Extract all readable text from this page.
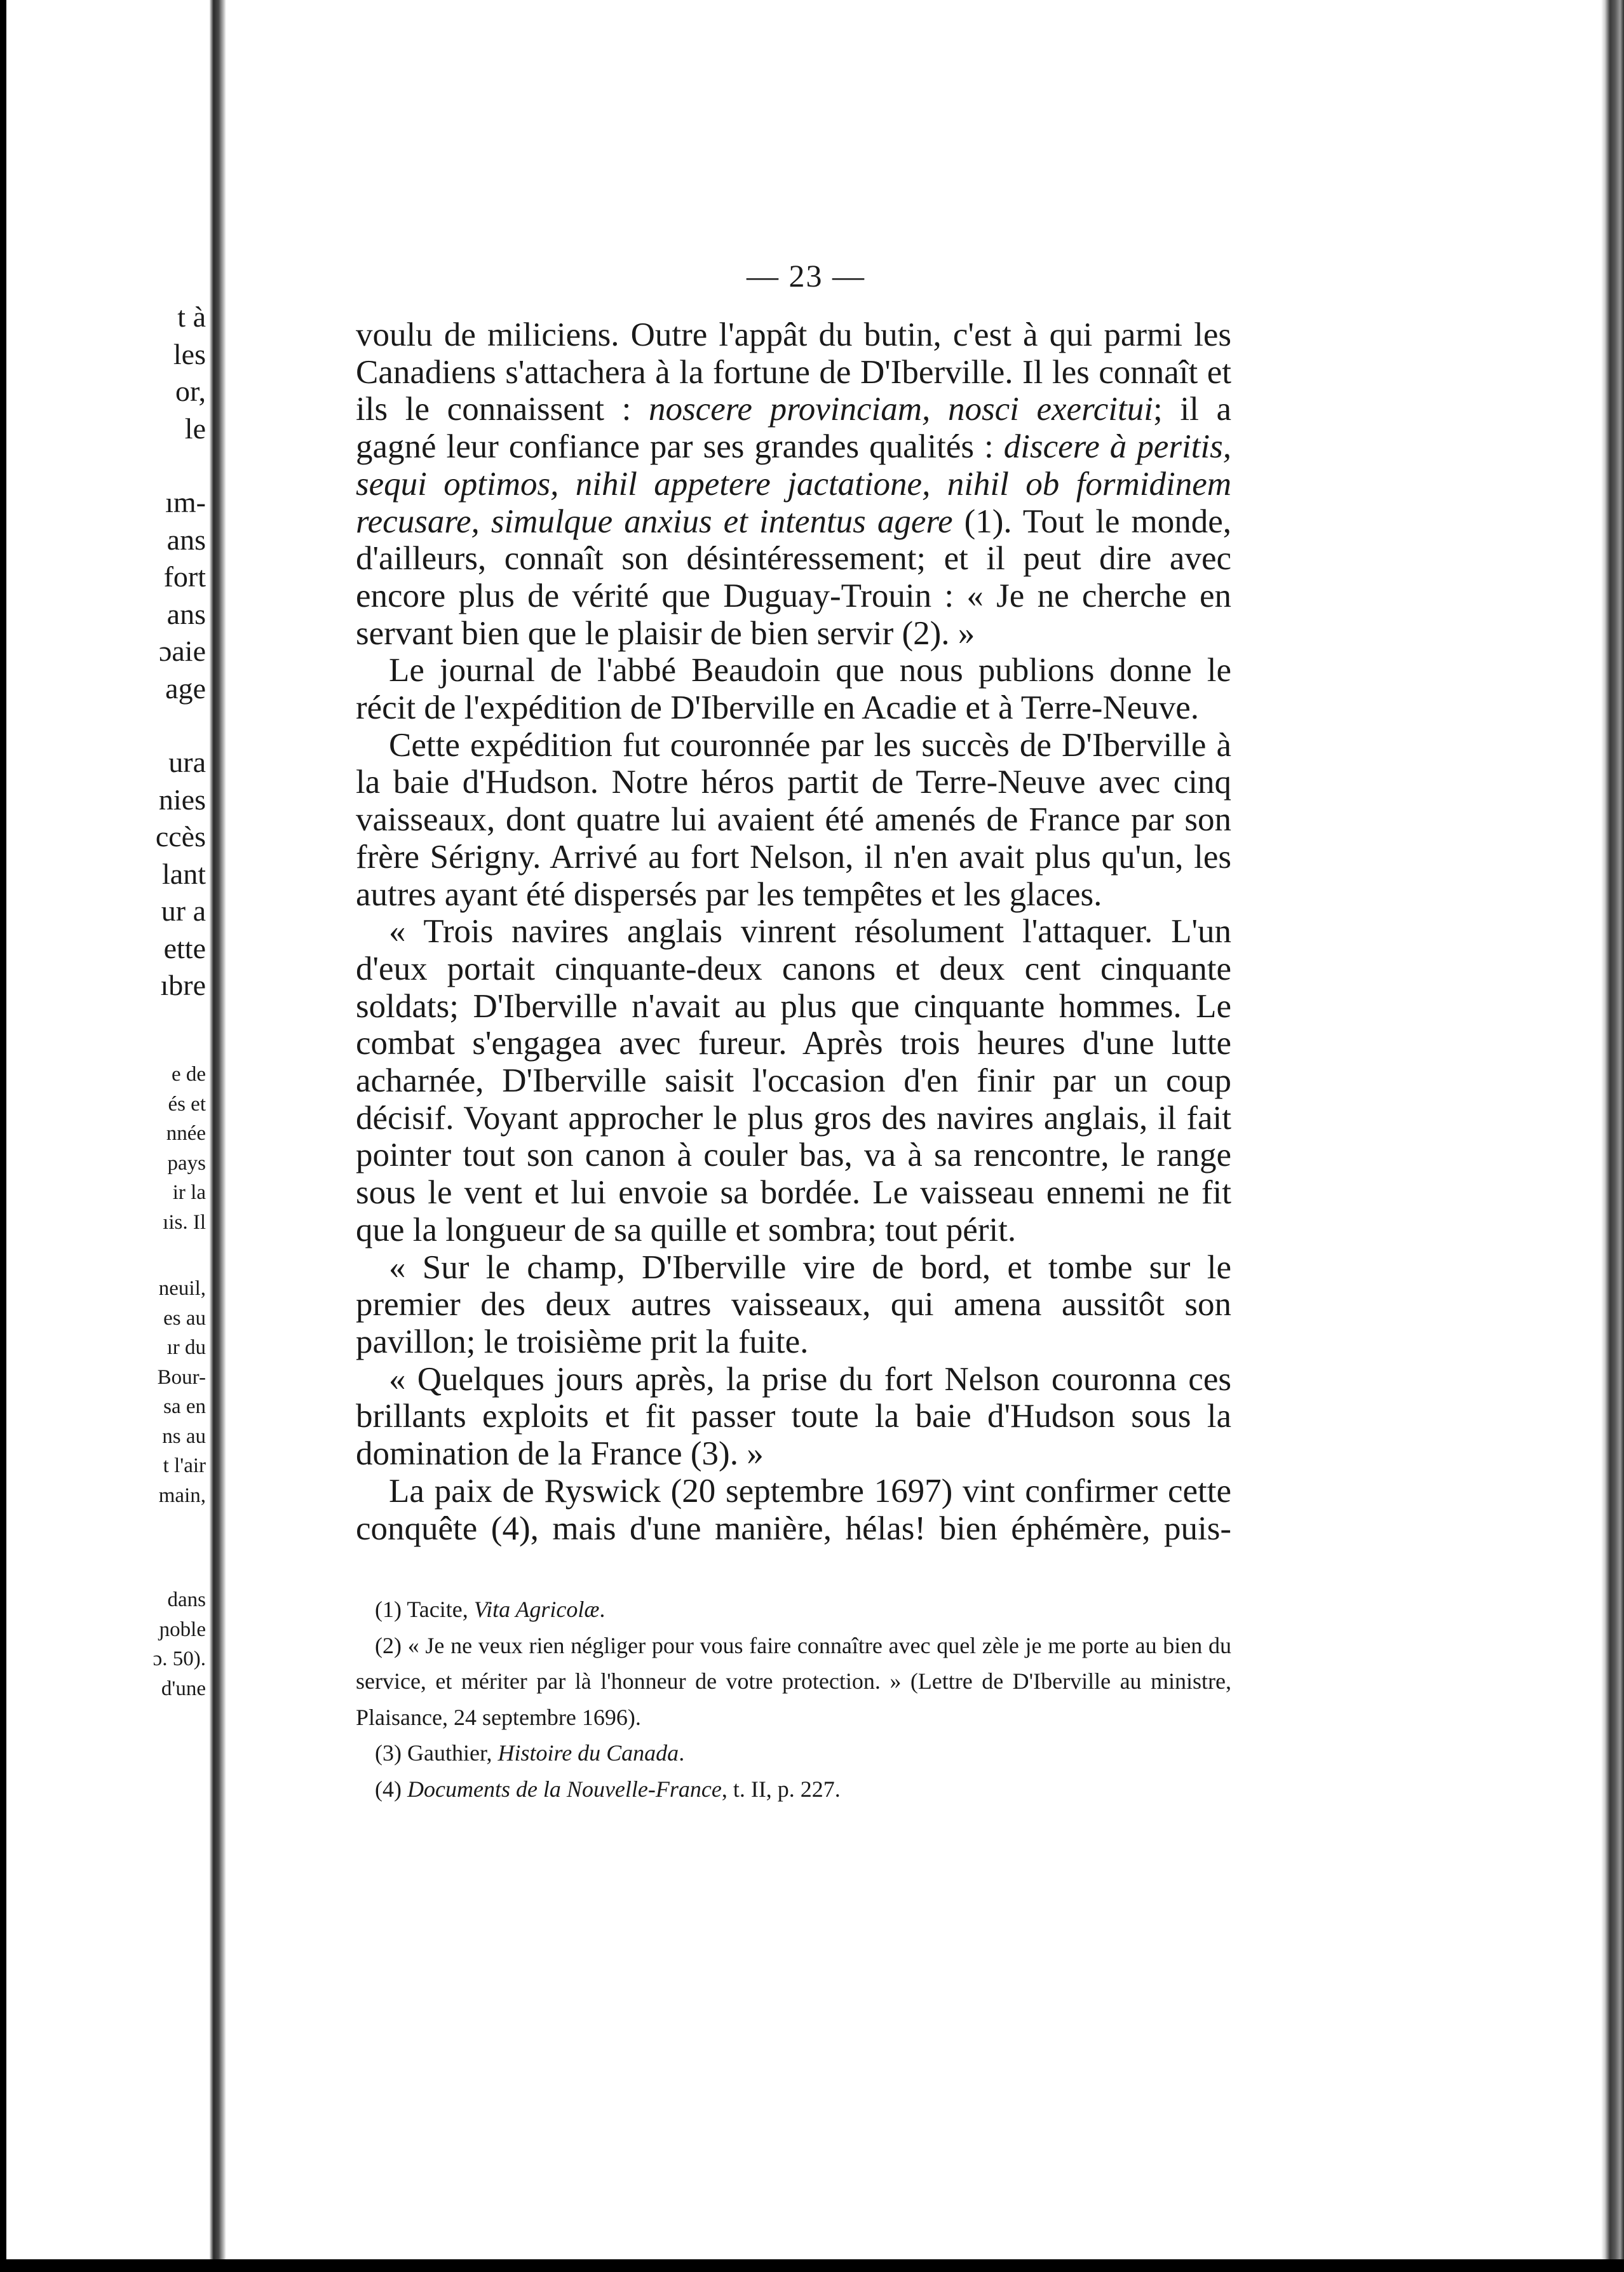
t à
les
or,
le

ım-
ans
fort
ans
ɔaie
age

ura
nies
ccès
lant
ur a
ette
ıbre
e de
és et
nnée
pays
ir la
ıis. Il

neuil,
es au
ır du
Bour-
sa en
ns au
t l'air
main,
dans
ɲoble
ɔ. 50).
d'une
— 23 —

voulu de miliciens. Outre l'appât du butin, c'est à qui parmi les Canadiens s'attachera à la fortune de D'Iberville. Il les connaît et ils le connaissent : noscere provinciam, nosci exercitui; il a gagné leur confiance par ses grandes qualités : discere à peritis, sequi optimos, nihil appetere jactatione, nihil ob formidinem recusare, simulque anxius et intentus agere (1). Tout le monde, d'ailleurs, connaît son désintéressement; et il peut dire avec encore plus de vérité que Duguay-Trouin : « Je ne cherche en servant bien que le plaisir de bien servir (2). »

Le journal de l'abbé Beaudoin que nous publions donne le récit de l'expédition de D'Iberville en Acadie et à Terre-Neuve.

Cette expédition fut couronnée par les succès de D'Iberville à la baie d'Hudson. Notre héros partit de Terre-Neuve avec cinq vaisseaux, dont quatre lui avaient été amenés de France par son frère Sérigny. Arrivé au fort Nelson, il n'en avait plus qu'un, les autres ayant été dispersés par les tempêtes et les glaces.

« Trois navires anglais vinrent résolument l'attaquer. L'un d'eux portait cinquante-deux canons et deux cent cinquante soldats; D'Iberville n'avait au plus que cinquante hommes. Le combat s'engagea avec fureur. Après trois heures d'une lutte acharnée, D'Iberville saisit l'occasion d'en finir par un coup décisif. Voyant approcher le plus gros des navires anglais, il fait pointer tout son canon à couler bas, va à sa rencontre, le range sous le vent et lui envoie sa bordée. Le vaisseau ennemi ne fit que la longueur de sa quille et sombra; tout périt.

« Sur le champ, D'Iberville vire de bord, et tombe sur le premier des deux autres vaisseaux, qui amena aussitôt son pavillon; le troisième prit la fuite.

« Quelques jours après, la prise du fort Nelson couronna ces brillants exploits et fit passer toute la baie d'Hudson sous la domination de la France (3). »

La paix de Ryswick (20 septembre 1697) vint confirmer cette conquête (4), mais d'une manière, hélas! bien éphémère, puis-

(1) Tacite, Vita Agricolæ.

(2) « Je ne veux rien négliger pour vous faire connaître avec quel zèle je me porte au bien du service, et mériter par là l'honneur de votre protection. » (Lettre de D'Iberville au ministre, Plaisance, 24 septembre 1696).

(3) Gauthier, Histoire du Canada.

(4) Documents de la Nouvelle-France, t. II, p. 227.
